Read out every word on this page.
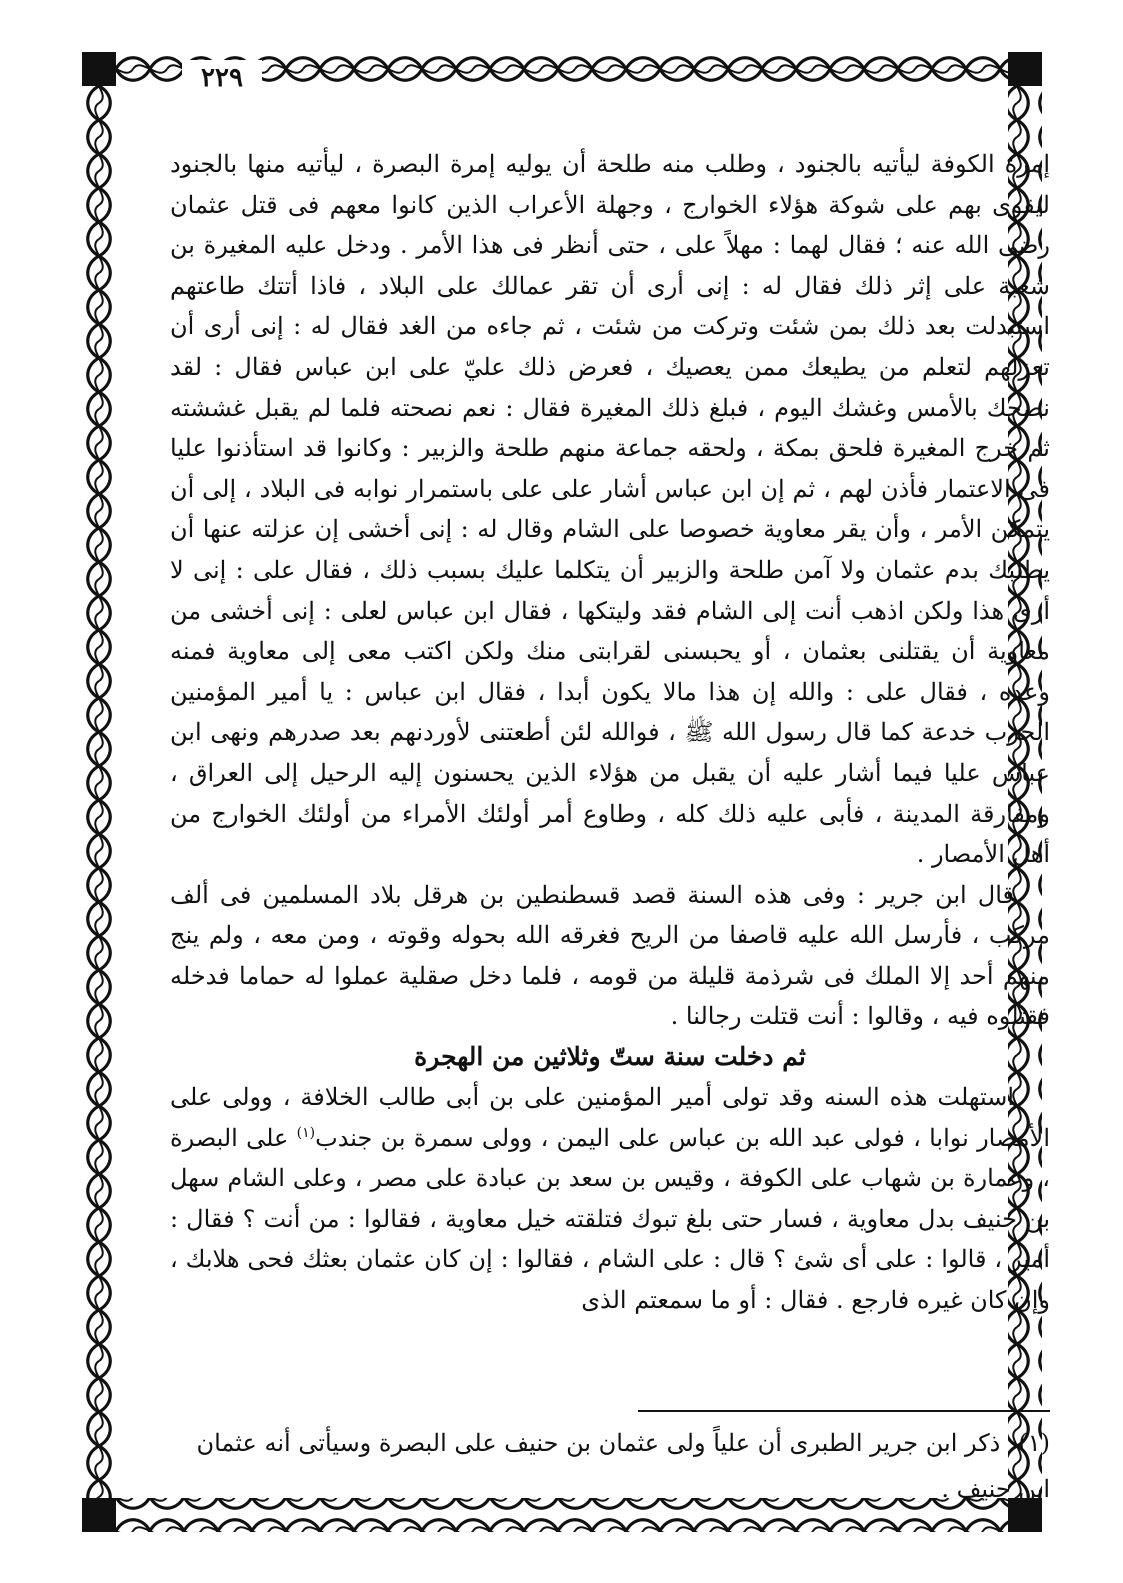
٢٢٩

إمرة الكوفة ليأتيه بالجنود ، وطلب منه طلحة أن يوليه إمرة البصرة ، ليأتيه منها بالجنود ليقوى بهم على شوكة هؤلاء الخوارج ، وجهلة الأعراب الذين كانوا معهم فى قتل عثمان رضى الله عنه ؛ فقال لهما : مهلاً على ، حتى أنظر فى هذا الأمر . ودخل عليه المغيرة بن شعبة على إثر ذلك فقال له : إنى أرى أن تقر عمالك على البلاد ، فاذا أتتك طاعتهم استبدلت بعد ذلك بمن شئت وتركت من شئت ، ثم جاءه من الغد فقال له : إنى أرى أن تعزلهم لتعلم من يطيعك ممن يعصيك ، فعرض ذلك عليّ على ابن عباس فقال : لقد نصحك بالأمس وغشك اليوم ، فبلغ ذلك المغيرة فقال : نعم نصحته فلما لم يقبل غششته ثم خرج المغيرة فلحق بمكة ، ولحقه جماعة منهم طلحة والزبير : وكانوا قد استأذنوا عليا فى الاعتمار فأذن لهم ، ثم إن ابن عباس أشار على على باستمرار نوابه فى البلاد ، إلى أن يتمكن الأمر ، وأن يقر معاوية خصوصا على الشام وقال له : إنى أخشى إن عزلته عنها أن يطلبك بدم عثمان ولا آمن طلحة والزبير أن يتكلما عليك بسبب ذلك ، فقال على : إنى لا أرى هذا ولكن اذهب أنت إلى الشام فقد وليتكها ، فقال ابن عباس لعلى : إنى أخشى من معاوية أن يقتلنى بعثمان ، أو يحبسنى لقرابتى منك ولكن اكتب معى إلى معاوية فمنه وعده ، فقال على : والله إن هذا مالا يكون أبدا ، فقال ابن عباس : يا أمير المؤمنين الحرب خدعة كما قال رسول الله ﷺ ، فوالله لئن أطعتنى لأوردنهم بعد صدرهم ونهى ابن عباس عليا فيما أشار عليه أن يقبل من هؤلاء الذين يحسنون إليه الرحيل إلى العراق ، ومفارقة المدينة ، فأبى عليه ذلك كله ، وطاوع أمر أولئك الأمراء من أولئك الخوارج من أهل الأمصار .

قال ابن جرير : وفى هذه السنة قصد قسطنطين بن هرقل بلاد المسلمين فى ألف مركب ، فأرسل الله عليه قاصفا من الريح فغرقه الله بحوله وقوته ، ومن معه ، ولم ينج منهم أحد إلا الملك فى شرذمة قليلة من قومه ، فلما دخل صقلية عملوا له حماما فدخله فقتلوه فيه ، وقالوا : أنت قتلت رجالنا .

ثم دخلت سنة ستّ وثلاثين من الهجرة

استهلت هذه السنه وقد تولى أمير المؤمنين على بن أبى طالب الخلافة ، وولى على الأمصار نوابا ، فولى عبد الله بن عباس على اليمن ، وولى سمرة بن جندب$^{(١)}$ على البصرة ، وعمارة بن شهاب على الكوفة ، وقيس بن سعد بن عبادة على مصر ، وعلى الشام سهل بن حنيف بدل معاوية ، فسار حتى بلغ تبوك فتلقته خيل معاوية ، فقالوا : من أنت ؟ فقال : أمير ، قالوا : على أى شئ ؟ قال : على الشام ، فقالوا : إن كان عثمان بعثك فحى هلابك ، وإن كان غيره فارجع . فقال : أو ما سمعتم الذى

(١)ذكر ابن جرير الطبرى أن علياً ولى عثمان بن حنيف على البصرة وسيأتى أنه عثمان ابن حنيف .
